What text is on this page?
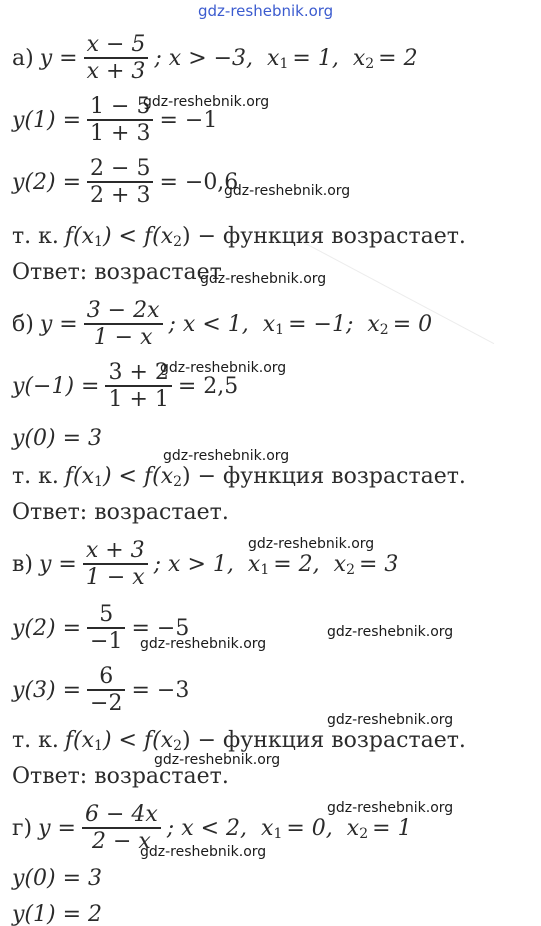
gdz-reshebnik.org
а) $y = \frac{x - 5}{x + 3}$ ; x > −3, x 1 = 1, x 2 = 2
$y(1) = \frac{1 - 5}{1 + 3} = -1$
$y(2) = \frac{2 - 5}{2 + 3} = -0,6$
т. к. f(x 1 ) < f(x 2 ) − функция возрастает.
Ответ: возрастает
б) $y = \frac{3 - 2x}{1 - x}$ ; x < 1, x 1 = −1; x 2 = 0
$y(-1) = \frac{3 + 2}{1 + 1} = 2,5$
y(0) = 3
т. к. f(x 1 ) < f(x 2 ) − функция возрастает.
Ответ: возрастает.
в) $y = \frac{x + 3}{1 - x}$ ; x > 1, x 1 = 2, x 2 = 3
$y(2) = \frac{5}{-1} = -5$
$y(3) = \frac{6}{-2} = -3$
т. к. f(x 1 ) < f(x 2 ) − функция возрастает.
Ответ: возрастает.
г) $y = \frac{6 - 4x}{2 - x}$ ; x < 2, x 1 = 0, x 2 = 1
y(0) = 3
y(1) = 2
gdz-reshebnik.org
gdz-reshebnik.org
gdz-reshebnik.org
gdz-reshebnik.org
gdz-reshebnik.org
gdz-reshebnik.org
gdz-reshebnik.org
gdz-reshebnik.org
gdz-reshebnik.org
gdz-reshebnik.org
gdz-reshebnik.org
gdz-reshebnik.org
